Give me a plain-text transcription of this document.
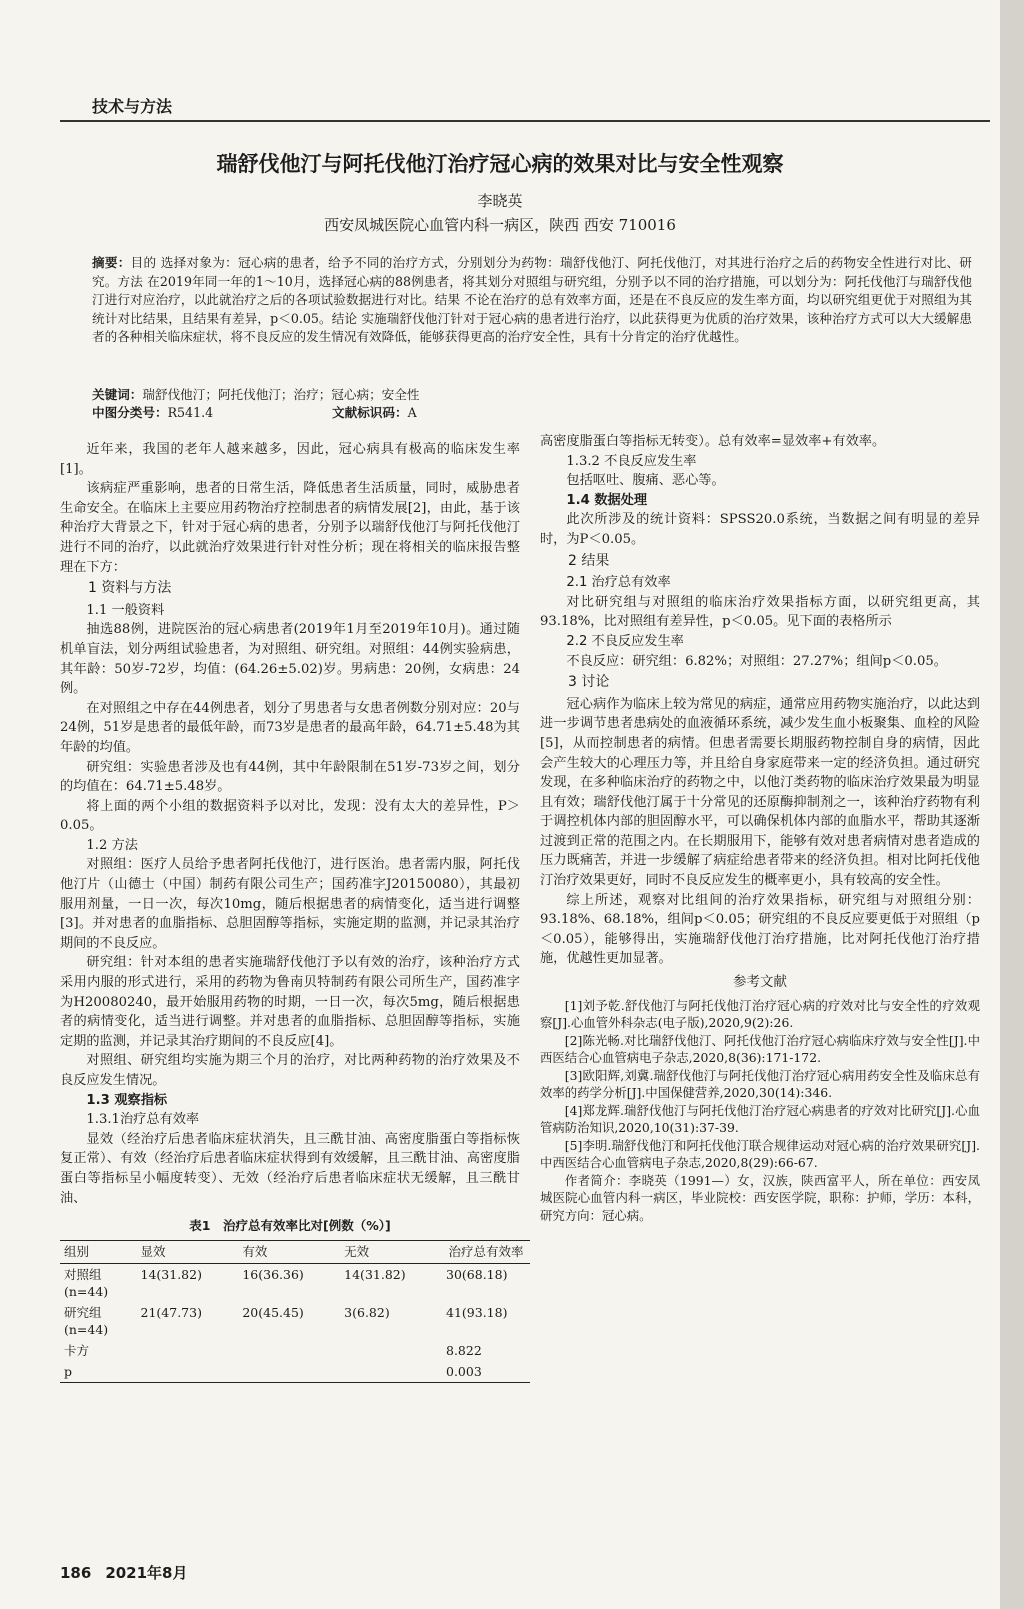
技术与方法
瑞舒伐他汀与阿托伐他汀治疗冠心病的效果对比与安全性观察
李晓英
西安凤城医院心血管内科一病区，陕西 西安 710016
摘要：目的 选择对象为：冠心病的患者，给予不同的治疗方式，分别划分为药物：瑞舒伐他汀、阿托伐他汀，对其进行治疗之后的药物安全性进行对比、研究。方法 在2019年同一年的1～10月，选择冠心病的88例患者，将其划分对照组与研究组，分别予以不同的治疗措施，可以划分为：阿托伐他汀与瑞舒伐他汀进行对应治疗，以此就治疗之后的各项试验数据进行对比。结果 不论在治疗的总有效率方面，还是在不良反应的发生率方面，均以研究组更优于对照组为其统计对比结果，且结果有差异，p＜0.05。结论 实施瑞舒伐他汀针对于冠心病的患者进行治疗，以此获得更为优质的治疗效果，该种治疗方式可以大大缓解患者的各种相关临床症状，将不良反应的发生情况有效降低，能够获得更高的治疗安全性，具有十分肯定的治疗优越性。
关键词：瑞舒伐他汀；阿托伐他汀；治疗；冠心病；安全性
中图分类号：R541.4	文献标识码：A

近年来，我国的老年人越来越多，因此，冠心病具有极高的临床发生率[1]。

该病症严重影响，患者的日常生活，降低患者生活质量，同时，威胁患者生命安全。在临床上主要应用药物治疗控制患者的病情发展[2]，由此，基于该种治疗大背景之下，针对于冠心病的患者，分别予以瑞舒伐他汀与阿托伐他汀进行不同的治疗，以此就治疗效果进行针对性分析；现在将相关的临床报告整理在下方：

1 资料与方法
1.1 一般资料

抽选88例，进院医治的冠心病患者(2019年1月至2019年10月)。通过随机单盲法，划分两组试验患者，为对照组、研究组。对照组：44例实验病患，其年龄：50岁-72岁，均值：(64.26±5.02)岁。男病患：20例，女病患：24例。

在对照组之中存在44例患者，划分了男患者与女患者例数分别对应：20与24例，51岁是患者的最低年龄，而73岁是患者的最高年龄，64.71±5.48为其年龄的均值。

研究组：实验患者涉及也有44例，其中年龄限制在51岁-73岁之间，划分的均值在：64.71±5.48岁。

将上面的两个小组的数据资料予以对比，发现：没有太大的差异性，P＞0.05。

1.2 方法

对照组：医疗人员给予患者阿托伐他汀，进行医治。患者需内服，阿托伐他汀片（山德士（中国）制药有限公司生产；国药准字J20150080），其最初服用剂量，一日一次，每次10mg，随后根据患者的病情变化，适当进行调整[3]。并对患者的血脂指标、总胆固醇等指标，实施定期的监测，并记录其治疗期间的不良反应。

研究组：针对本组的患者实施瑞舒伐他汀予以有效的治疗，该种治疗方式采用内服的形式进行，采用的药物为鲁南贝特制药有限公司所生产，国药准字为H20080240，最开始服用药物的时期，一日一次，每次5mg，随后根据患者的病情变化，适当进行调整。并对患者的血脂指标、总胆固醇等指标，实施定期的监测，并记录其治疗期间的不良反应[4]。

对照组、研究组均实施为期三个月的治疗，对比两种药物的治疗效果及不良反应发生情况。

1.3 观察指标
1.3.1治疗总有效率

显效（经治疗后患者临床症状消失，且三酰甘油、高密度脂蛋白等指标恢复正常）、有效（经治疗后患者临床症状得到有效缓解，且三酰甘油、高密度脂蛋白等指标呈小幅度转变）、无效（经治疗后患者临床症状无缓解，且三酰甘油、

表1　治疗总有效率比对[例数（%）]
组别	显效	有效	无效	治疗总有效率
对照组
(n=44)	14(31.82)	16(36.36)	14(31.82)	30(68.18)
研究组
(n=44)	21(47.73)	20(45.45)	3(6.82)	41(93.18)
卡方				8.822
p				0.003

高密度脂蛋白等指标无转变）。总有效率=显效率+有效率。

1.3.2 不良反应发生率

包括呕吐、腹痛、恶心等。

1.4 数据处理

此次所涉及的统计资料：SPSS20.0系统，当数据之间有明显的差异时，为P＜0.05。

2 结果
2.1 治疗总有效率

对比研究组与对照组的临床治疗效果指标方面，以研究组更高，其93.18%，比对照组有差异性，p＜0.05。见下面的表格所示

2.2 不良反应发生率

不良反应：研究组：6.82%；对照组：27.27%；组间p＜0.05。

3 讨论

冠心病作为临床上较为常见的病症，通常应用药物实施治疗，以此达到进一步调节患者患病处的血液循环系统，减少发生血小板聚集、血栓的风险[5]，从而控制患者的病情。但患者需要长期服药物控制自身的病情，因此会产生较大的心理压力等，并且给自身家庭带来一定的经济负担。通过研究发现，在多种临床治疗的药物之中，以他汀类药物的临床治疗效果最为明显且有效；瑞舒伐他汀属于十分常见的还原酶抑制剂之一，该种治疗药物有利于调控机体内部的胆固醇水平，可以确保机体内部的血脂水平，帮助其逐渐过渡到正常的范围之内。在长期服用下，能够有效对患者病情对患者造成的压力既痛苦，并进一步缓解了病症给患者带来的经济负担。相对比阿托伐他汀治疗效果更好，同时不良反应发生的概率更小，具有较高的安全性。

综上所述，观察对比组间的治疗效果指标，研究组与对照组分别：93.18%、68.18%，组间p＜0.05；研究组的不良反应要更低于对照组（p＜0.05），能够得出，实施瑞舒伐他汀治疗措施，比对阿托伐他汀治疗措施，优越性更加显著。

参考文献

[1]刘予乾.舒伐他汀与阿托伐他汀治疗冠心病的疗效对比与安全性的疗效观察[J].心血管外科杂志(电子版),2020,9(2):26.

[2]陈光畅.对比瑞舒伐他汀、阿托伐他汀治疗冠心病临床疗效与安全性[J].中西医结合心血管病电子杂志,2020,8(36):171-172.

[3]欧阳辉,刘冀.瑞舒伐他汀与阿托伐他汀治疗冠心病用药安全性及临床总有效率的药学分析[J].中国保健营养,2020,30(14):346.

[4]郑龙辉.瑞舒伐他汀与阿托伐他汀治疗冠心病患者的疗效对比研究[J].心血管病防治知识,2020,10(31):37-39.

[5]李明.瑞舒伐他汀和阿托伐他汀联合规律运动对冠心病的治疗效果研究[J].中西医结合心血管病电子杂志,2020,8(29):66-67.

作者简介：李晓英（1991—）女，汉族，陕西富平人，所在单位：西安凤城医院心血管内科一病区，毕业院校：西安医学院，职称：护师，学历：本科，研究方向：冠心病。

186 2021年8月
